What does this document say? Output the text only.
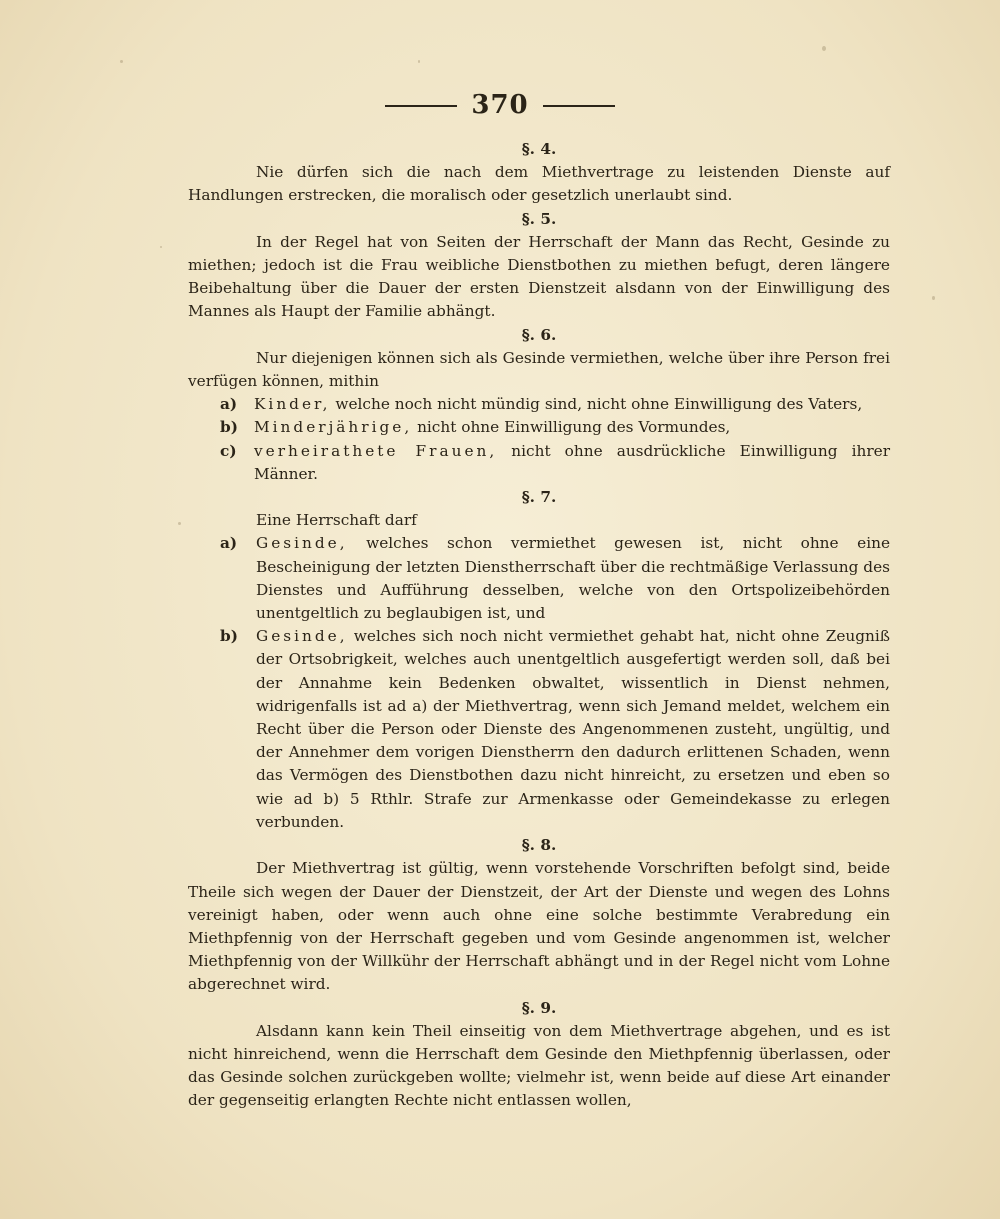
370

§. 4.

Nie dürfen sich die nach dem Miethvertrage zu leistenden Dienste auf Handlungen erstrecken, die moralisch oder gesetzlich unerlaubt sind.

§. 5.

In der Regel hat von Seiten der Herrschaft der Mann das Recht, Gesinde zu miethen; jedoch ist die Frau weibliche Dienstbothen zu miethen befugt, deren längere Beibehaltung über die Dauer der ersten Dienstzeit alsdann von der Einwilligung des Mannes als Haupt der Familie abhängt.

§. 6.

Nur diejenigen können sich als Gesinde vermiethen, welche über ihre Person frei verfügen können, mithin

a)	Kinder, welche noch nicht mündig sind, nicht ohne Einwilligung des Vaters,
b)	Minderjährige, nicht ohne Einwilligung des Vormundes,
c)	verheirathete Frauen, nicht ohne ausdrückliche Einwilligung ihrer Männer.

§. 7.

Eine Herrschaft darf

a)	Gesinde, welches schon vermiethet gewesen ist, nicht ohne eine Bescheinigung der letzten Dienstherrschaft über die rechtmäßige Verlassung des Dienstes und Aufführung desselben, welche von den Ortspolizeibehörden unentgeltlich zu beglaubigen ist, und
b)	Gesinde, welches sich noch nicht vermiethet gehabt hat, nicht ohne Zeugniß der Ortsobrigkeit, welches auch unentgeltlich ausgefertigt werden soll, daß bei der Annahme kein Bedenken obwaltet, wissentlich in Dienst nehmen, widrigenfalls ist ad a) der Miethvertrag, wenn sich Jemand meldet, welchem ein Recht über die Person oder Dienste des Angenommenen zusteht, ungültig, und der Annehmer dem vorigen Dienstherrn den dadurch erlittenen Schaden, wenn das Vermögen des Dienstbothen dazu nicht hinreicht, zu ersetzen und eben so wie ad b) 5 Rthlr. Strafe zur Armenkasse oder Gemeindekasse zu erlegen verbunden.

§. 8.

Der Miethvertrag ist gültig, wenn vorstehende Vorschriften befolgt sind, beide Theile sich wegen der Dauer der Dienstzeit, der Art der Dienste und wegen des Lohns vereinigt haben, oder wenn auch ohne eine solche bestimmte Verabredung ein Miethpfennig von der Herrschaft gegeben und vom Gesinde angenommen ist, welcher Miethpfennig von der Willkühr der Herrschaft abhängt und in der Regel nicht vom Lohne abgerechnet wird.

§. 9.

Alsdann kann kein Theil einseitig von dem Miethvertrage abgehen, und es ist nicht hinreichend, wenn die Herrschaft dem Gesinde den Miethpfennig überlassen, oder das Gesinde solchen zurückgeben wollte; vielmehr ist, wenn beide auf diese Art einander der gegenseitig erlangten Rechte nicht entlassen wollen,
